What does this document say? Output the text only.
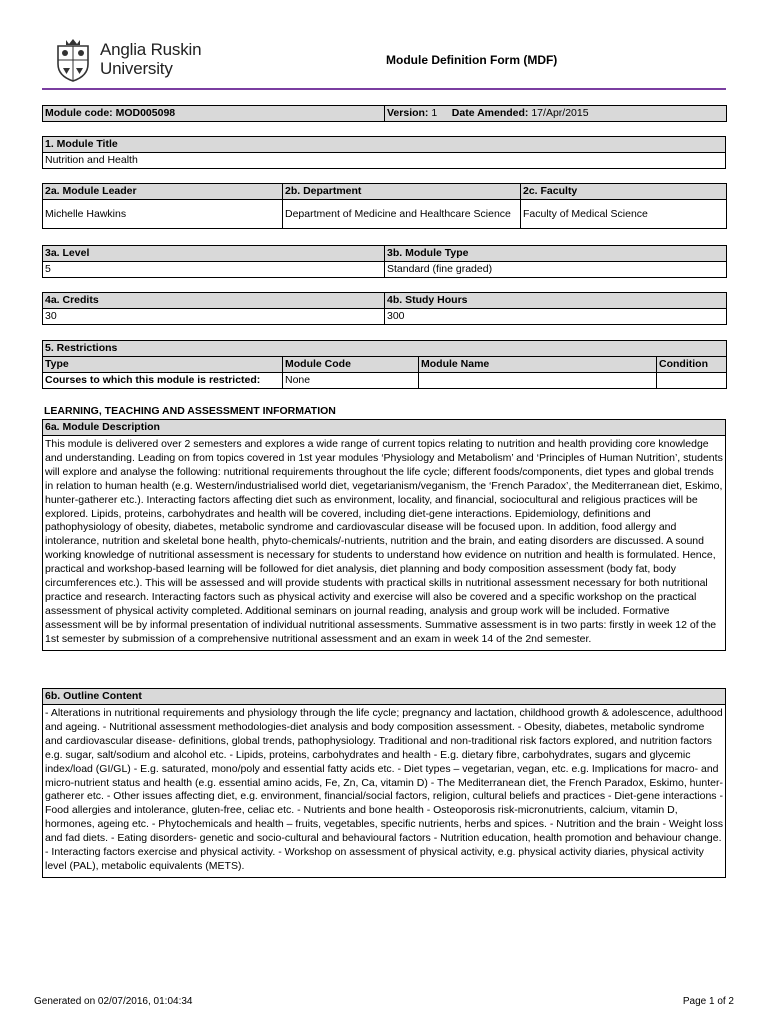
Anglia Ruskin
University	Module Definition Form (MDF)
Module code: MOD005098	Version: 1 Date Amended: 17/Apr/2015
1. Module Title
Nutrition and Health
2a. Module Leader	2b. Department	2c. Faculty
Michelle Hawkins	Department of Medicine and Healthcare Science	Faculty of Medical Science
3a. Level	3b. Module Type
5	Standard (fine graded)
4a. Credits	4b. Study Hours
30	300
5. Restrictions			
Type	Module Code	Module Name	Condition
Courses to which this module is restricted:	None		
LEARNING, TEACHING AND ASSESSMENT INFORMATION
6a. Module Description
This module is delivered over 2 semesters and explores a wide range of current topics relating to nutrition and health providing core knowledge and understanding. Leading on from topics covered in 1st year modules ‘Physiology and Metabolism’ and ‘Principles of Human Nutrition’, students will explore and analyse the following: nutritional requirements throughout the life cycle; different foods/components, diet types and global trends in relation to human health (e.g. Western/industrialised world diet, vegetarianism/veganism, the ‘French Paradox’, the Mediterranean diet, Eskimo, hunter-gatherer etc.). Interacting factors affecting diet such as environment, locality, and financial, sociocultural and religious practices will be explored. Lipids, proteins, carbohydrates and health will be covered, including diet-gene interactions. Epidemiology, definitions and pathophysiology of obesity, diabetes, metabolic syndrome and cardiovascular disease will be focused upon. In addition, food allergy and intolerance, nutrition and skeletal bone health, phyto-chemicals/-nutrients, nutrition and the brain, and eating disorders are discussed. A sound working knowledge of nutritional assessment is necessary for students to understand how evidence on nutrition and health is formulated. Hence, practical and workshop-based learning will be followed for diet analysis, diet planning and body composition assessment (body fat, body circumferences etc.). This will be assessed and will provide students with practical skills in nutritional assessment necessary for both nutritional practice and research. Interacting factors such as physical activity and exercise will also be covered and a specific workshop on the practical assessment of physical activity completed. Additional seminars on journal reading, analysis and group work will be included. Formative assessment will be by informal presentation of individual nutritional assessments. Summative assessment is in two parts: firstly in week 12 of the 1st semester by submission of a comprehensive nutritional assessment and an exam in week 14 of the 2nd semester.
6b. Outline Content
- Alterations in nutritional requirements and physiology through the life cycle; pregnancy and lactation, childhood growth & adolescence, adulthood and ageing. - Nutritional assessment methodologies-diet analysis and body composition assessment. - Obesity, diabetes, metabolic syndrome and cardiovascular disease- definitions, global trends, pathophysiology. Traditional and non-traditional risk factors explored, and nutrition factors e.g. sugar, salt/sodium and alcohol etc. - Lipids, proteins, carbohydrates and health - E.g. dietary fibre, carbohydrates, sugars and glycemic index/load (GI/GL) - E.g. saturated, mono/poly and essential fatty acids etc. - Diet types – vegetarian, vegan, etc. e.g. Implications for macro- and micro-nutrient status and health (e.g. essential amino acids, Fe, Zn, Ca, vitamin D) - The Mediterranean diet, the French Paradox, Eskimo, hunter-gatherer etc. - Other issues affecting diet, e.g. environment, financial/social factors, religion, cultural beliefs and practices - Diet-gene interactions - Food allergies and intolerance, gluten-free, celiac etc. - Nutrients and bone health - Osteoporosis risk-micronutrients, calcium, vitamin D, hormones, ageing etc. - Phytochemicals and health – fruits, vegetables, specific nutrients, herbs and spices. - Nutrition and the brain - Weight loss and fad diets. - Eating disorders- genetic and socio-cultural and behavioural factors - Nutrition education, health promotion and behaviour change. - Interacting factors exercise and physical activity. - Workshop on assessment of physical activity, e.g. physical activity diaries, physical activity level (PAL), metabolic equivalents (METS).
Generated on 02/07/2016, 01:04:34	Page 1 of 2
